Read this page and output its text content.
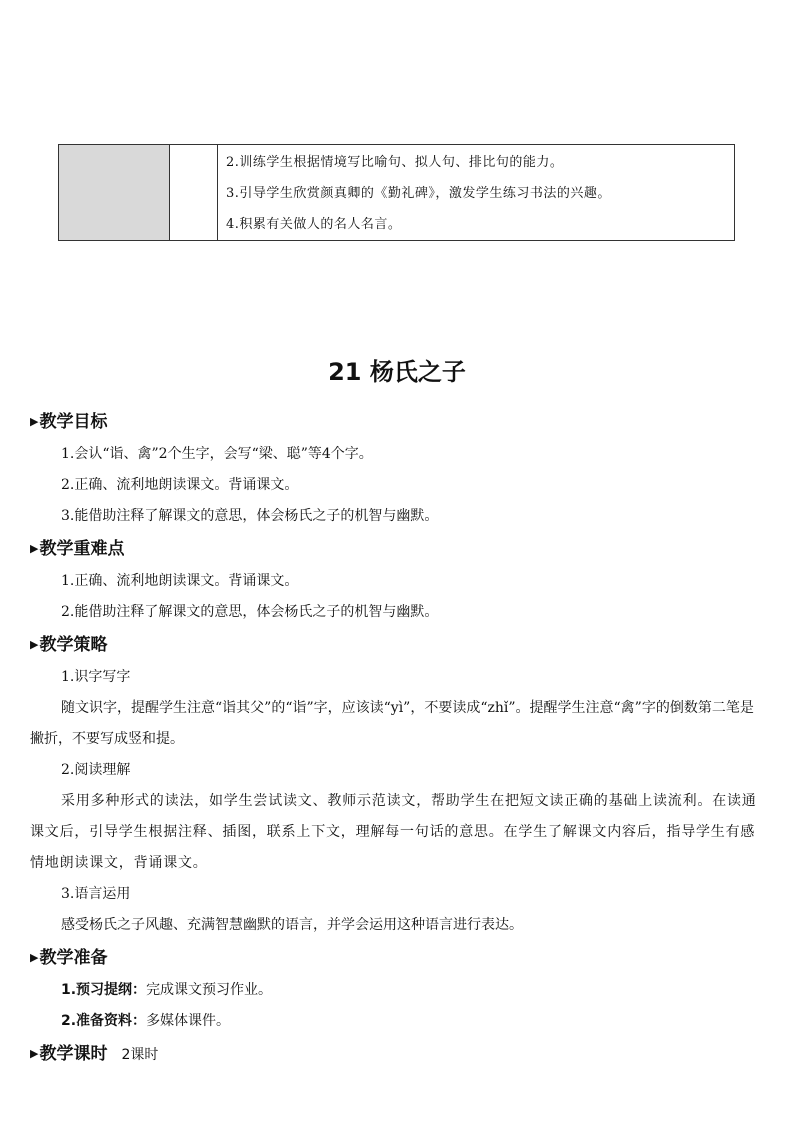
2.训练学生根据情境写比喻句、拟人句、排比句的能力。
3.引导学生欣赏颜真卿的《勤礼碑》，激发学生练习书法的兴趣。
4.积累有关做人的名人名言。
21 杨氏之子
▶教学目标
1.会认“诣、禽”2个生字，会写“梁、聪”等4个字。
2.正确、流利地朗读课文。背诵课文。
3.能借助注释了解课文的意思，体会杨氏之子的机智与幽默。
▶教学重难点
1.正确、流利地朗读课文。背诵课文。
2.能借助注释了解课文的意思，体会杨氏之子的机智与幽默。
▶教学策略
1.识字写字

随文识字，提醒学生注意“诣其父”的“诣”字，应该读“yì”，不要读成“zhǐ”。提醒学生注意“禽”字的倒数第二笔是撇折，不要写成竖和提。

2.阅读理解

采用多种形式的读法，如学生尝试读文、教师示范读文，帮助学生在把短文读正确的基础上读流利。在读通课文后，引导学生根据注释、插图，联系上下文，理解每一句话的意思。在学生了解课文内容后，指导学生有感情地朗读课文，背诵课文。

3.语言运用

感受杨氏之子风趣、充满智慧幽默的语言，并学会运用这种语言进行表达。

▶教学准备
1.预习提纲：完成课文预习作业。
2.准备资料：多媒体课件。
▶教学课时 2课时
